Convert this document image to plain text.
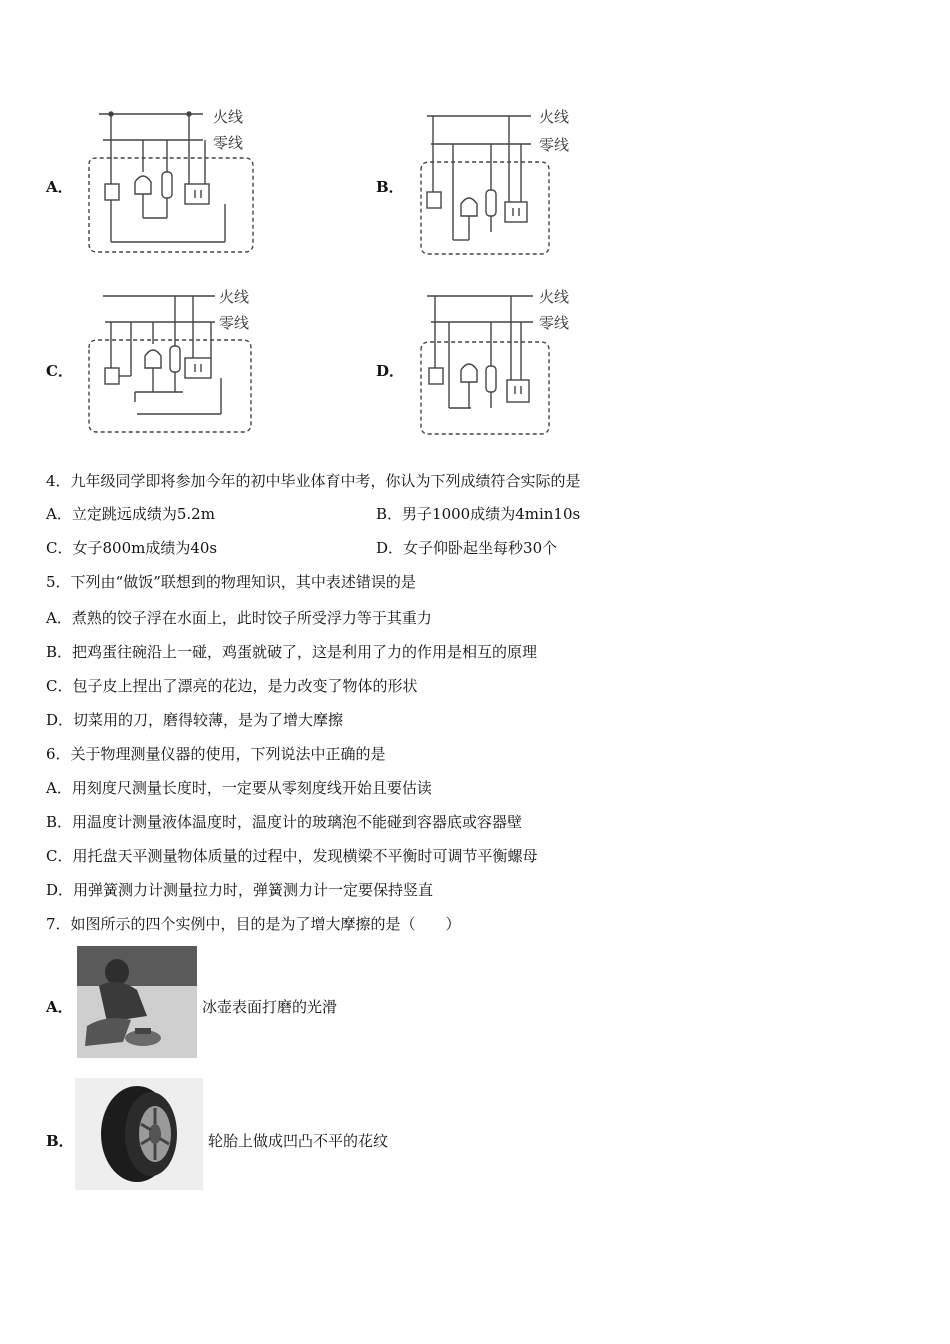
A．
火线
零线
B．
火线
零线
C．
火线
零线
D．
火线
零线
4．九年级同学即将参加今年的初中毕业体育中考，你认为下列成绩符合实际的是
A．立定跳远成绩为5.2m	B．男子1000成绩为4min10s
C．女子800m成绩为40s	D．女子仰卧起坐每秒30个
5．下列由“做饭”联想到的物理知识，其中表述错误的是
A．煮熟的饺子浮在水面上，此时饺子所受浮力等于其重力
B．把鸡蛋往碗沿上一碰，鸡蛋就破了，这是利用了力的作用是相互的原理
C．包子皮上捏出了漂亮的花边，是力改变了物体的形状
D．切菜用的刀，磨得较薄，是为了增大摩擦
6．关于物理测量仪器的使用，下列说法中正确的是
A．用刻度尺测量长度时，一定要从零刻度线开始且要估读
B．用温度计测量液体温度时，温度计的玻璃泡不能碰到容器底或容器壁
C．用托盘天平测量物体质量的过程中，发现横梁不平衡时可调节平衡螺母
D．用弹簧测力计测量拉力时，弹簧测力计一定要保持竖直
7．如图所示的四个实例中，目的是为了增大摩擦的是（　　）
A．	冰壶表面打磨的光滑
B．	轮胎上做成凹凸不平的花纹
